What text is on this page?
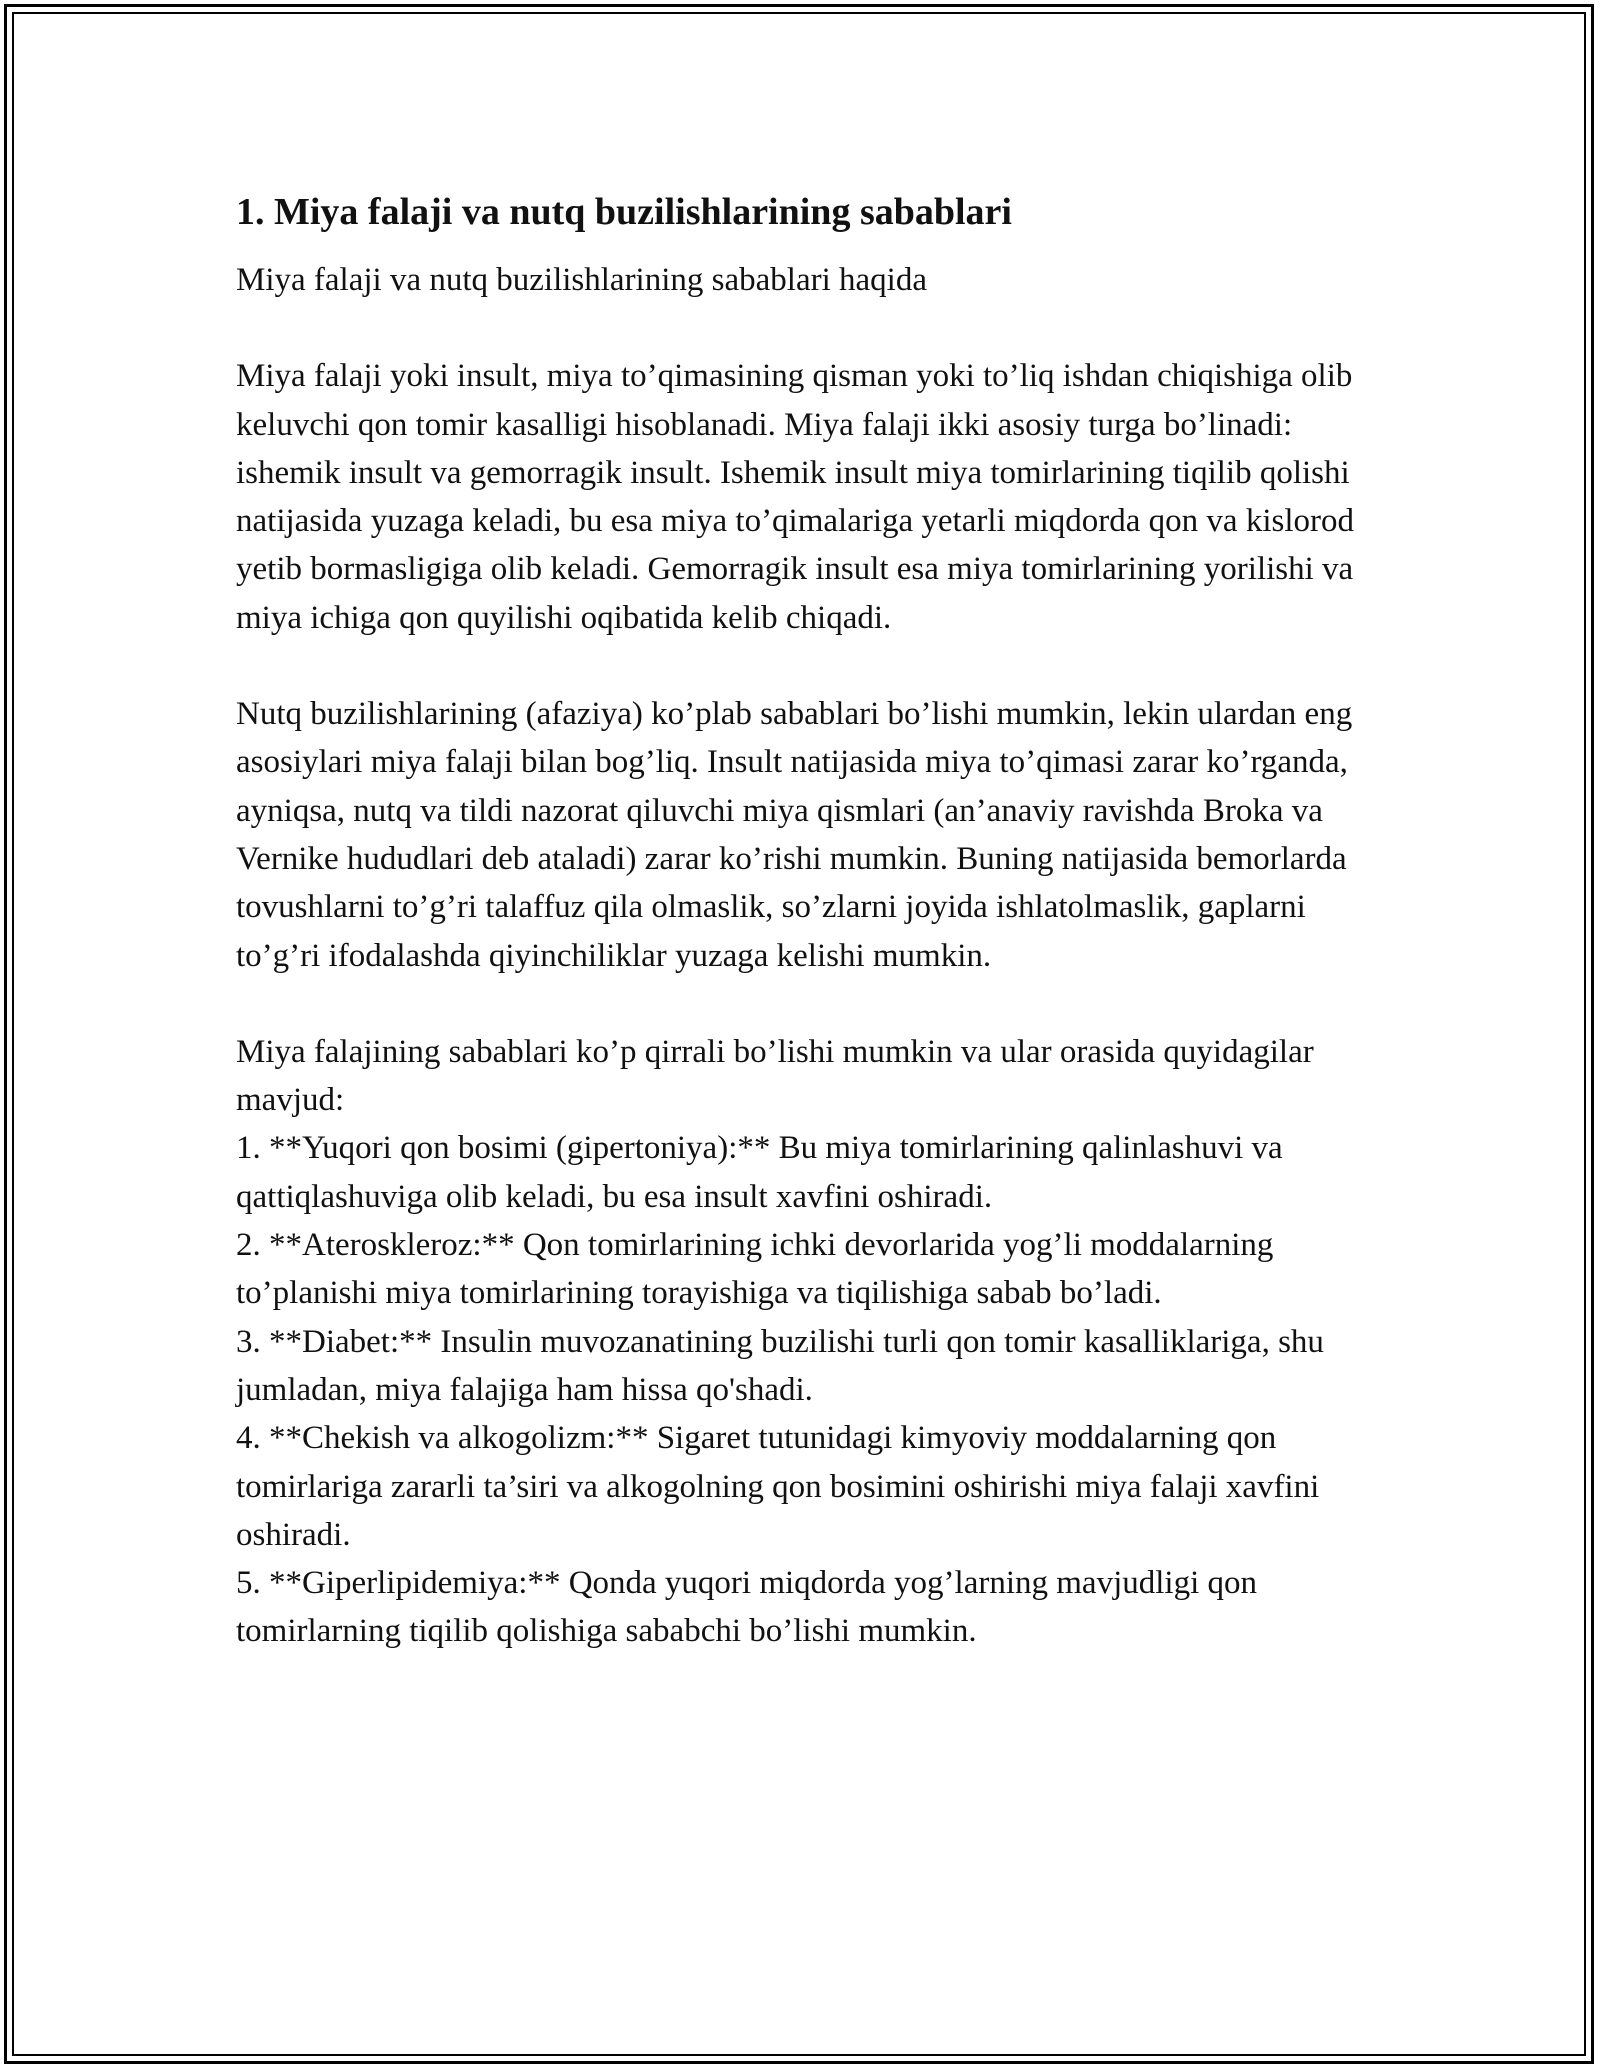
1. Miya falaji va nutq buzilishlarining sabablari

Miya falaji va nutq buzilishlarining sabablari haqida

Miya falaji yoki insult, miya to’qimasining qisman yoki to’liq ishdan chiqishiga olib keluvchi qon tomir kasalligi hisoblanadi. Miya falaji ikki asosiy turga bo’linadi: ishemik insult va gemorragik insult. Ishemik insult miya tomirlarining tiqilib qolishi natijasida yuzaga keladi, bu esa miya to’qimalariga yetarli miqdorda qon va kislorod yetib bormasligiga olib keladi. Gemorragik insult esa miya tomirlarining yorilishi va miya ichiga qon quyilishi oqibatida kelib chiqadi.

Nutq buzilishlarining (afaziya) ko’plab sabablari bo’lishi mumkin, lekin ulardan eng asosiylari miya falaji bilan bog’liq. Insult natijasida miya to’qimasi zarar ko’rganda, ayniqsa, nutq va tildi nazorat qiluvchi miya qismlari (an’anaviy ravishda Broka va Vernike hududlari deb ataladi) zarar ko’rishi mumkin. Buning natijasida bemorlarda tovushlarni to’g’ri talaffuz qila olmaslik, so’zlarni joyida ishlatolmaslik, gaplarni to’g’ri ifodalashda qiyinchiliklar yuzaga kelishi mumkin.

Miya falajining sabablari ko’p qirrali bo’lishi mumkin va ular orasida quyidagilar mavjud:

1. **Yuqori qon bosimi (gipertoniya):** Bu miya tomirlarining qalinlashuvi va qattiqlashuviga olib keladi, bu esa insult xavfini oshiradi.

2. **Ateroskleroz:** Qon tomirlarining ichki devorlarida yog’li moddalarning to’planishi miya tomirlarining torayishiga va tiqilishiga sabab bo’ladi.

3. **Diabet:** Insulin muvozanatining buzilishi turli qon tomir kasalliklariga, shu jumladan, miya falajiga ham hissa qo'shadi.

4. **Chekish va alkogolizm:** Sigaret tutunidagi kimyoviy moddalarning qon tomirlariga zararli ta’siri va alkogolning qon bosimini oshirishi miya falaji xavfini oshiradi.

5. **Giperlipidemiya:** Qonda yuqori miqdorda yog’larning mavjudligi qon tomirlarning tiqilib qolishiga sababchi bo’lishi mumkin.
